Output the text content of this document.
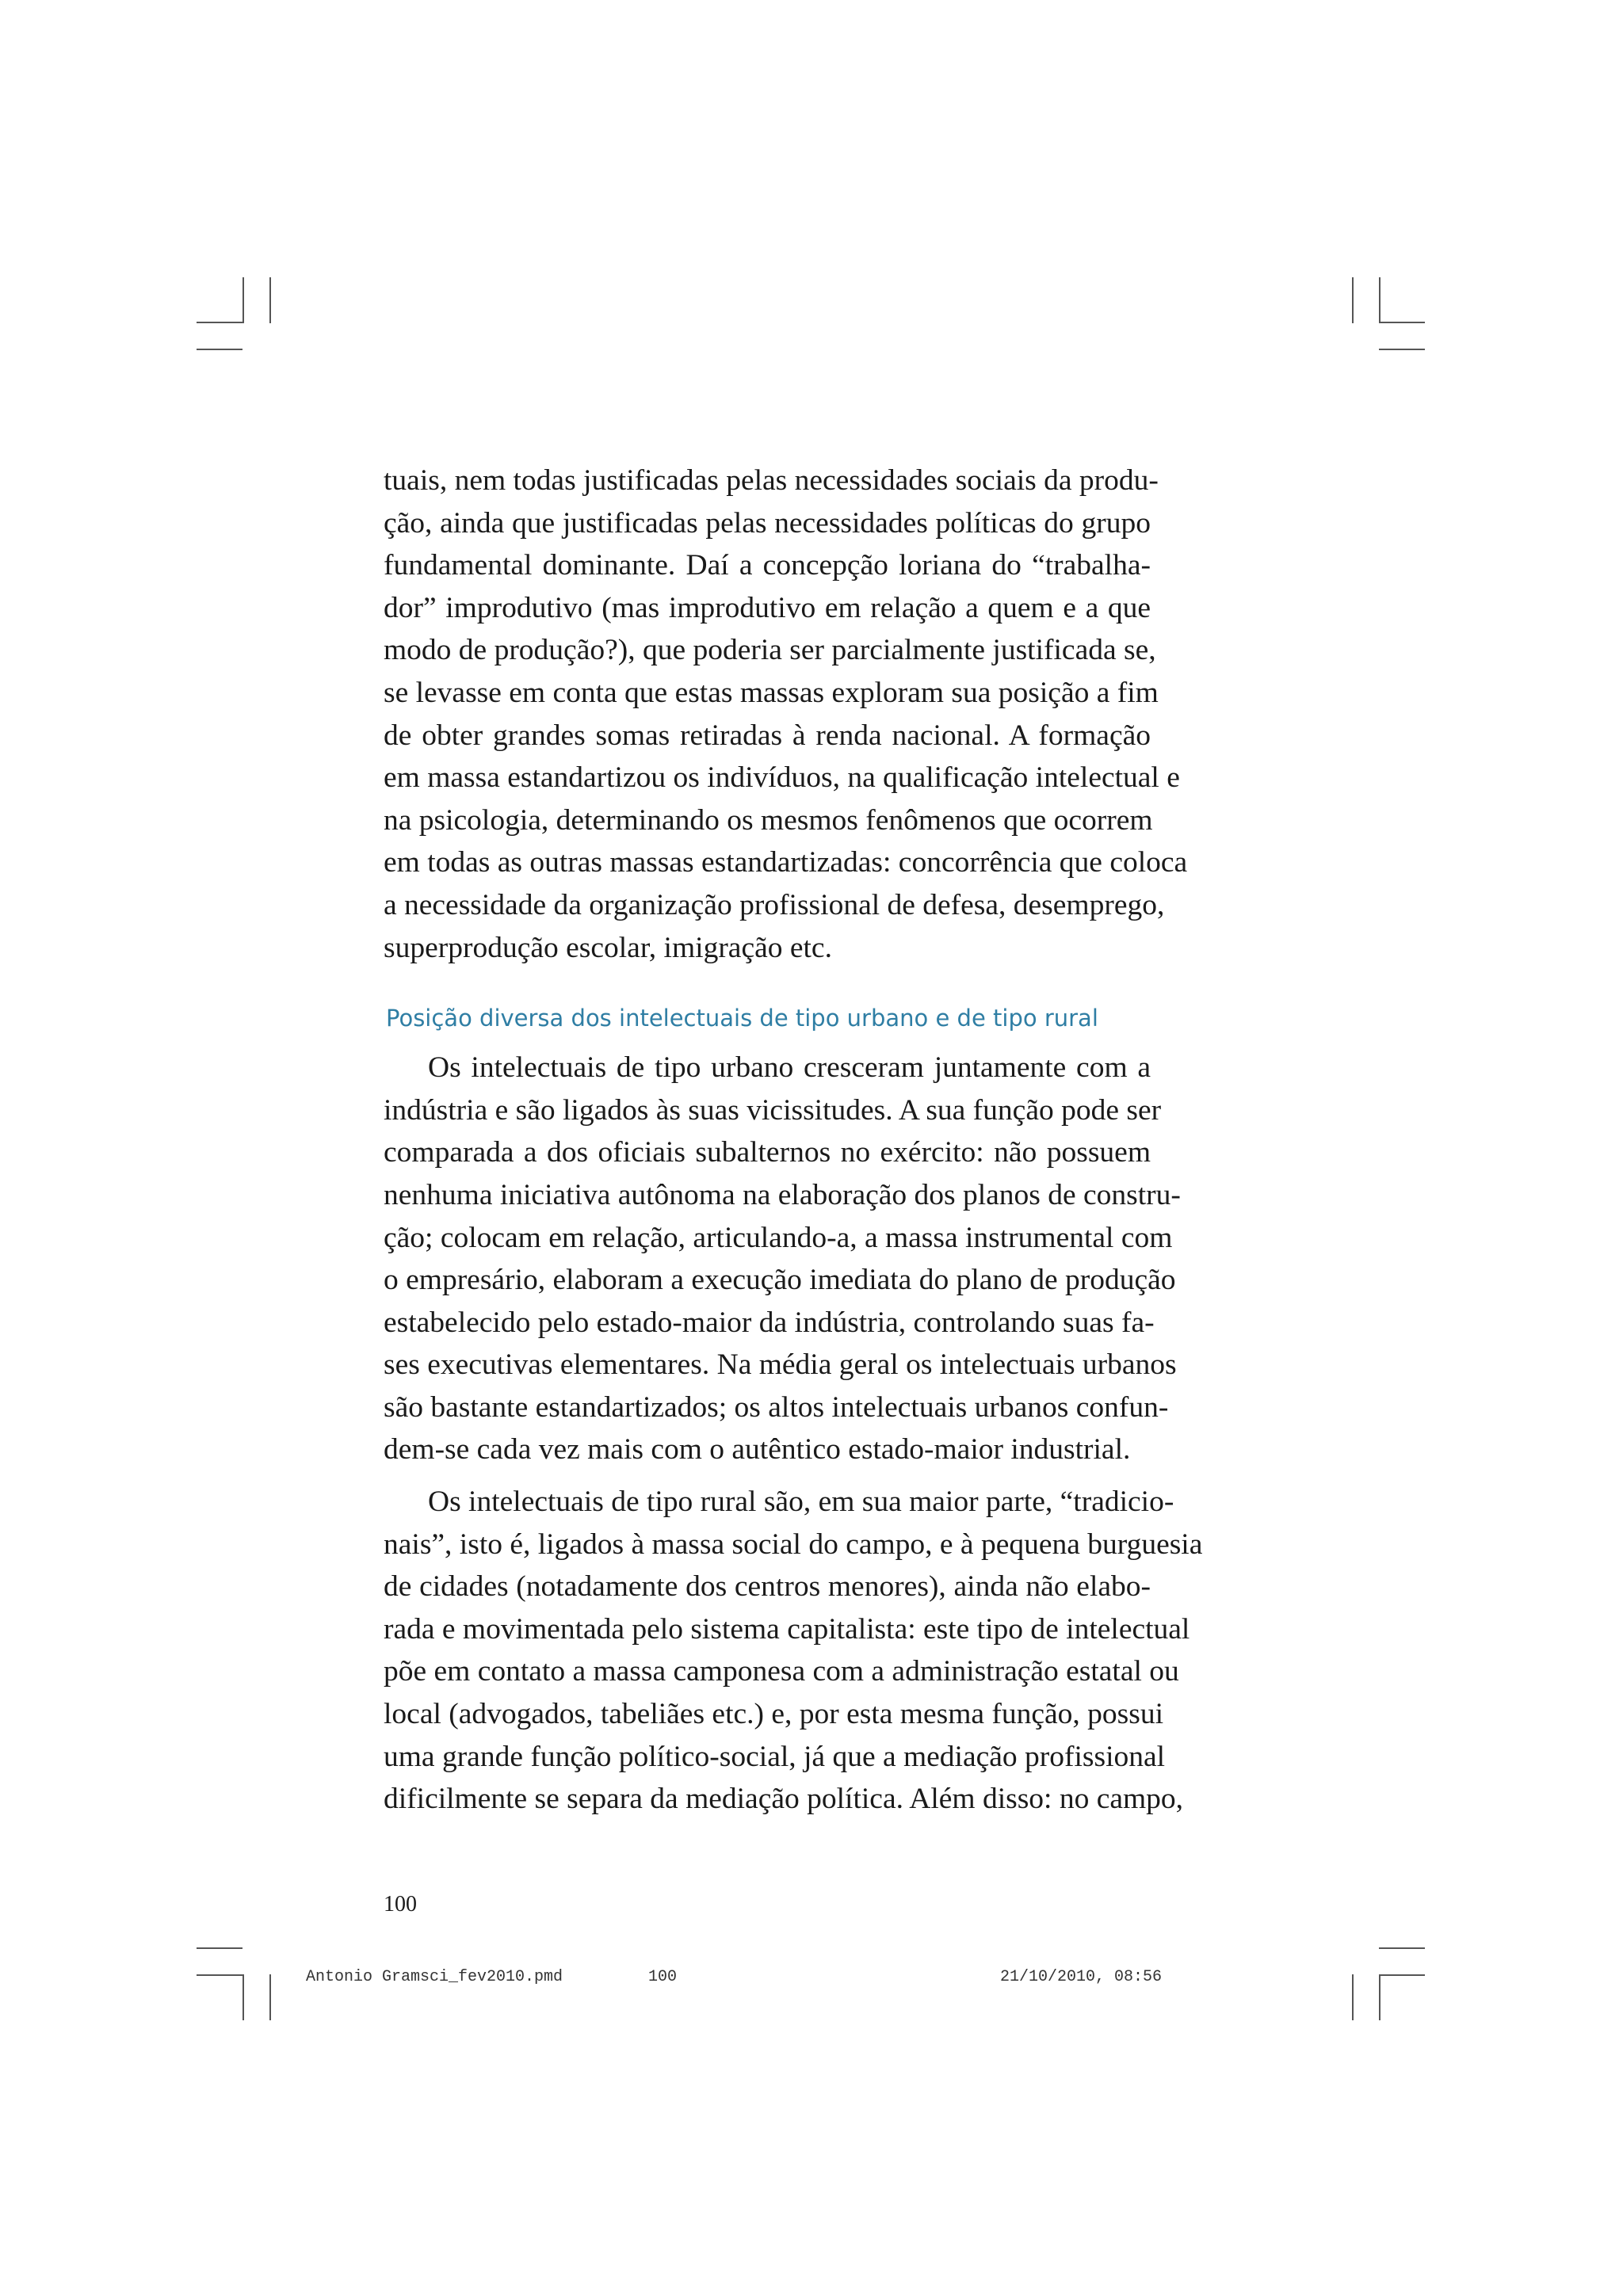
tuais, nem todas justificadas pelas necessidades sociais da produ-
ção, ainda que justificadas pelas necessidades políticas do grupo
fundamental dominante. Daí a concepção loriana do “trabalha-
dor” improdutivo (mas improdutivo em relação a quem e a que
modo de produção?), que poderia ser parcialmente justificada se,
se levasse em conta que estas massas exploram sua posição a fim
de obter grandes somas retiradas à renda nacional. A formação
em massa estandartizou os indivíduos, na qualificação intelectual e
na psicologia, determinando os mesmos fenômenos que ocorrem
em todas as outras massas estandartizadas: concorrência que coloca
a necessidade da organização profissional de defesa, desemprego,
superprodução escolar, imigração etc.
Posição diversa dos intelectuais de tipo urbano e de tipo rural
Os intelectuais de tipo urbano cresceram juntamente com a
indústria e são ligados às suas vicissitudes. A sua função pode ser
comparada a dos oficiais subalternos no exército: não possuem
nenhuma iniciativa autônoma na elaboração dos planos de constru-
ção; colocam em relação, articulando-a, a massa instrumental com
o empresário, elaboram a execução imediata do plano de produção
estabelecido pelo estado-maior da indústria, controlando suas fa-
ses executivas elementares. Na média geral os intelectuais urbanos
são bastante estandartizados; os altos intelectuais urbanos confun-
dem-se cada vez mais com o autêntico estado-maior industrial.
Os intelectuais de tipo rural são, em sua maior parte, “tradicio-
nais”, isto é, ligados à massa social do campo, e à pequena burguesia
de cidades (notadamente dos centros menores), ainda não elabo-
rada e movimentada pelo sistema capitalista: este tipo de intelectual
põe em contato a massa camponesa com a administração estatal ou
local (advogados, tabeliães etc.) e, por esta mesma função, possui
uma grande função político-social, já que a mediação profissional
dificilmente se separa da mediação política. Além disso: no campo,
100
Antonio Gramsci_fev2010.pmd	100	21/10/2010, 08:56
